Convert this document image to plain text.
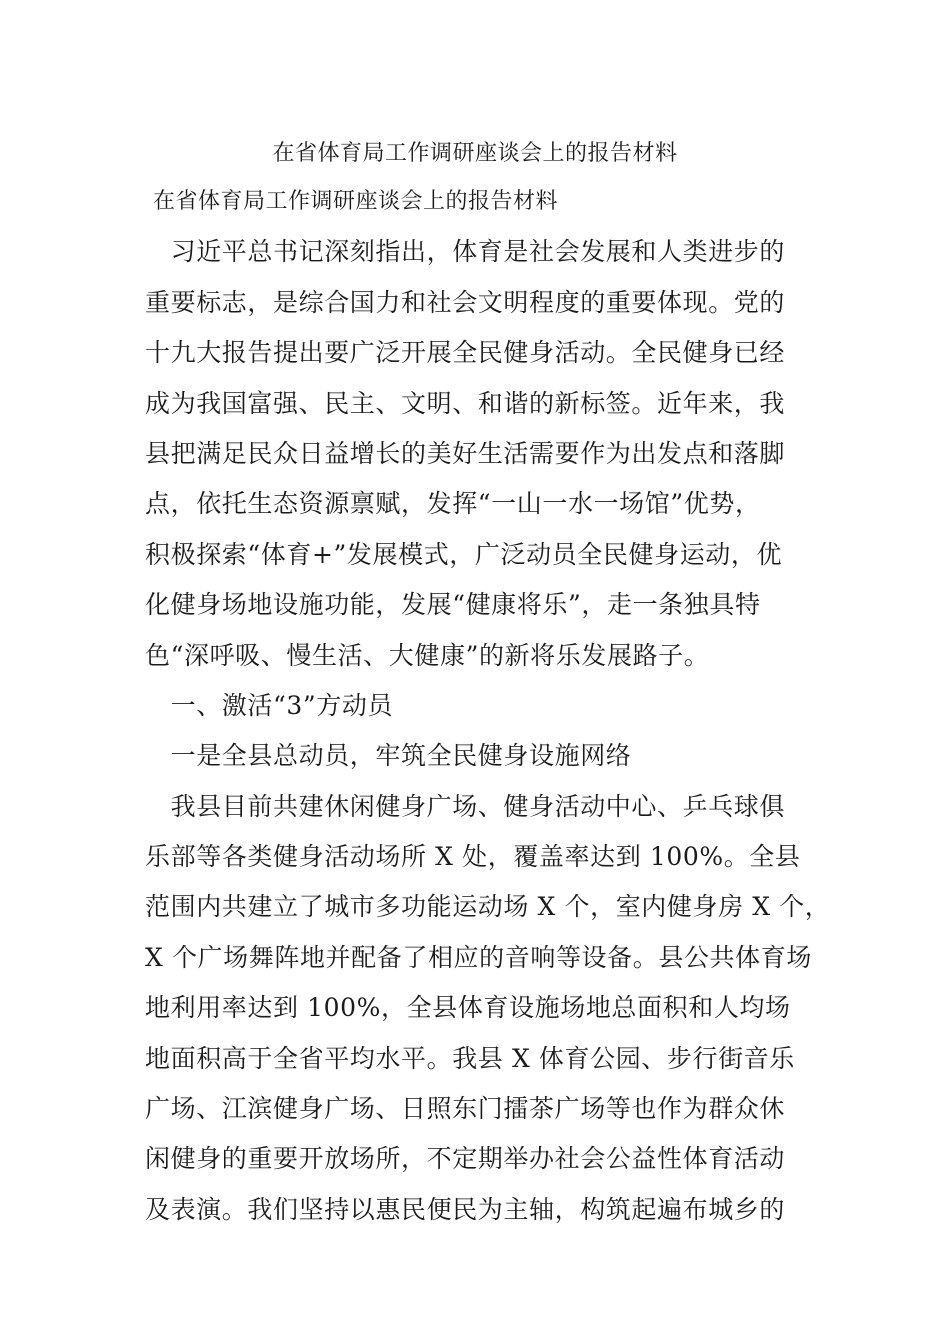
在省体育局工作调研座谈会上的报告材料
在省体育局工作调研座谈会上的报告材料
　习近平总书记深刻指出，体育是社会发展和人类进步的
重要标志，是综合国力和社会文明程度的重要体现。党的
十九大报告提出要广泛开展全民健身活动。全民健身已经
成为我国富强、民主、文明、和谐的新标签。近年来，我
县把满足民众日益增长的美好生活需要作为出发点和落脚
点，依托生态资源禀赋，发挥“一山一水一场馆”优势，
积极探索“体育+”发展模式，广泛动员全民健身运动，优
化健身场地设施功能，发展“健康将乐”，走一条独具特
色“深呼吸、慢生活、大健康”的新将乐发展路子。
　一、激活“3”方动员
　一是全县总动员，牢筑全民健身设施网络
　我县目前共建休闲健身广场、健身活动中心、乒乓球俱
乐部等各类健身活动场所 X 处，覆盖率达到 100%。全县
范围内共建立了城市多功能运动场 X 个，室内健身房 X 个，
X 个广场舞阵地并配备了相应的音响等设备。县公共体育场
地利用率达到 100%，全县体育设施场地总面积和人均场
地面积高于全省平均水平。我县 X 体育公园、步行街音乐
广场、江滨健身广场、日照东门擂茶广场等也作为群众休
闲健身的重要开放场所，不定期举办社会公益性体育活动
及表演。我们坚持以惠民便民为主轴，构筑起遍布城乡的
